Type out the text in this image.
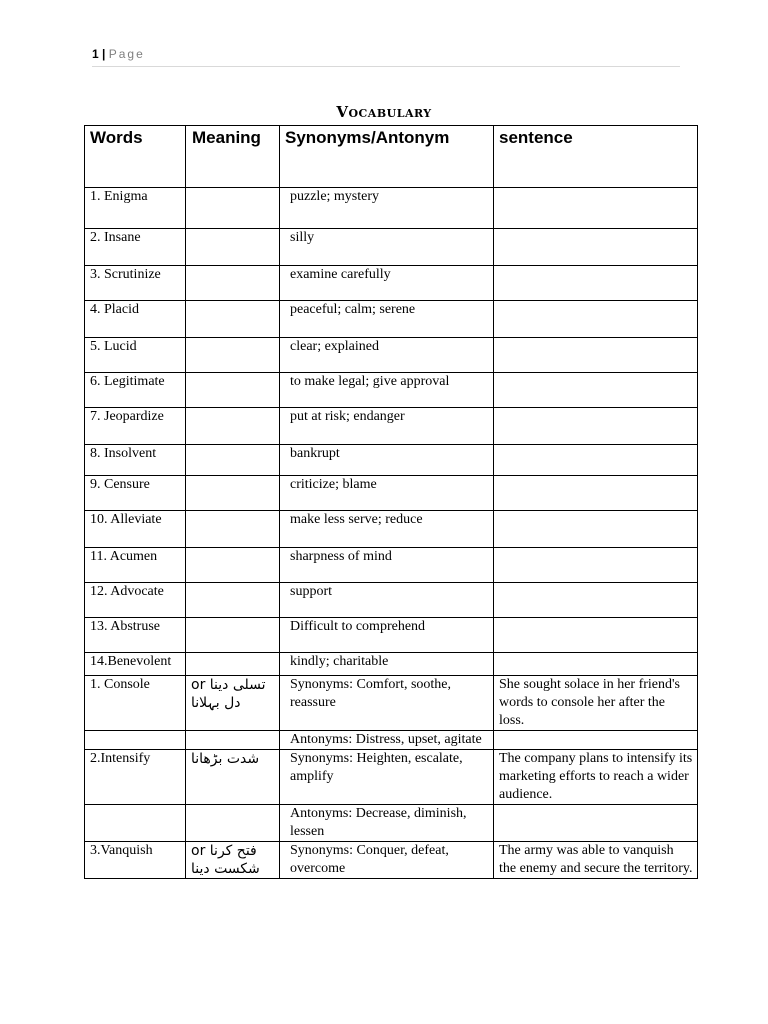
1 | Page
Vocabulary
Words	Meaning	Synonyms/Antonym	sentence
1. Enigma		puzzle; mystery	
2. Insane		silly	
3. Scrutinize		examine carefully	
4. Placid		peaceful; calm; serene	
5. Lucid		clear; explained	
6. Legitimate		to make legal; give approval	
7. Jeopardize		put at risk; endanger	
8. Insolvent		bankrupt	
9. Censure		criticize; blame	
10. Alleviate		make less serve; reduce	
11. Acumen		sharpness of mind	
12. Advocate		support	
13. Abstruse		Difficult to comprehend	
14.Benevolent		kindly; charitable	
1. Console	تسلی دینا or دل بہلانا	Synonyms: Comfort, soothe, reassure	She sought solace in her friend's words to console her after the loss.
		Antonyms: Distress, upset, agitate	
2.Intensify	شدت بڑھانا	Synonyms: Heighten, escalate, amplify	The company plans to intensify its marketing efforts to reach a wider audience.
		Antonyms: Decrease, diminish, lessen	
3.Vanquish	فتح کرنا or شکست دینا	Synonyms: Conquer, defeat, overcome	The army was able to vanquish the enemy and secure the territory.
